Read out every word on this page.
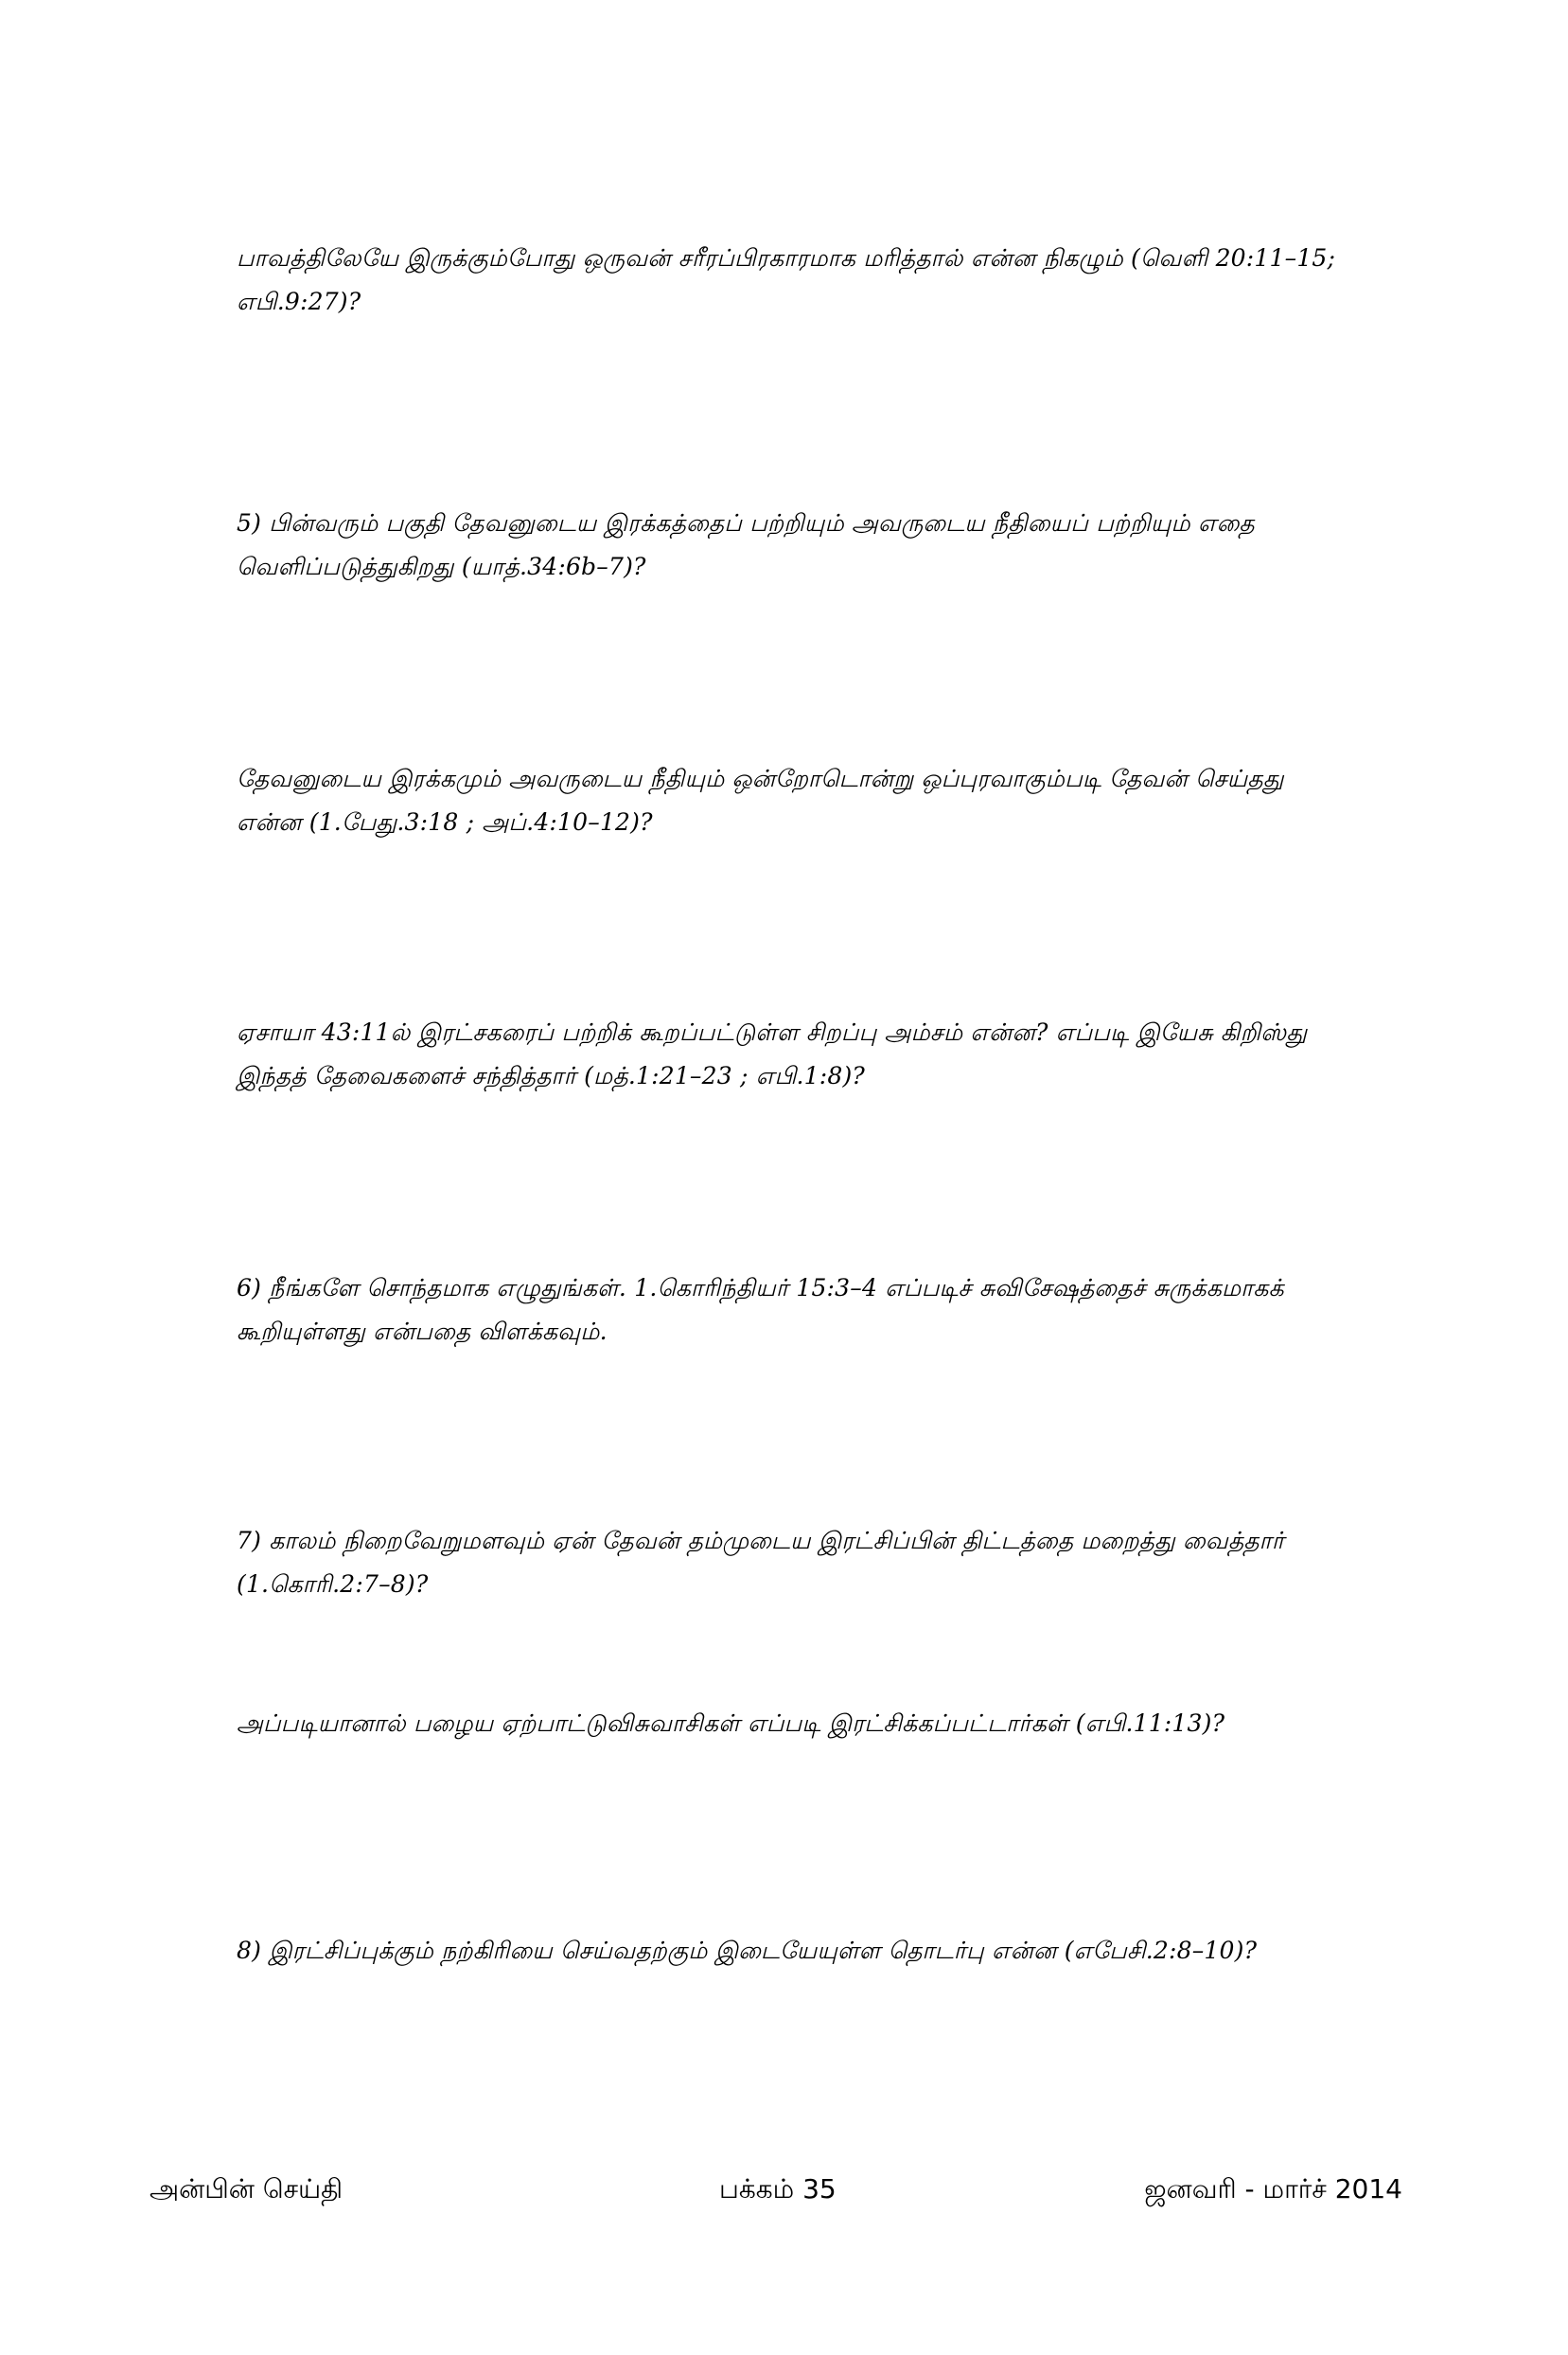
பாவத்திலேயே இருக்கும்போது ஒருவன் சரீரப்பிரகாரமாக மரித்தால் என்ன நிகழும் (வெளி 20:11–15;
எபி.9:27)?
5) பின்வரும் பகுதி தேவனுடைய இரக்கத்தைப் பற்றியும் அவருடைய நீதியைப் பற்றியும் எதை
வெளிப்படுத்துகிறது (யாத்.34:6b–7)?
தேவனுடைய இரக்கமும் அவருடைய நீதியும் ஒன்றோடொன்று ஒப்புரவாகும்படி தேவன் செய்தது
என்ன (1.பேது.3:18 ; அப்.4:10–12)?
ஏசாயா 43:11ல் இரட்சகரைப் பற்றிக் கூறப்பட்டுள்ள சிறப்பு அம்சம் என்ன? எப்படி இயேசு கிறிஸ்து
இந்தத் தேவைகளைச் சந்தித்தார் (மத்.1:21–23 ; எபி.1:8)?
6) நீங்களே சொந்தமாக எழுதுங்கள். 1.கொரிந்தியர் 15:3–4 எப்படிச் சுவிசேஷத்தைச் சுருக்கமாகக்
கூறியுள்ளது என்பதை விளக்கவும்.
7) காலம் நிறைவேறுமளவும் ஏன் தேவன் தம்முடைய இரட்சிப்பின் திட்டத்தை மறைத்து வைத்தார்
(1.கொரி.2:7–8)?
அப்படியானால் பழைய ஏற்பாட்டுவிசுவாசிகள் எப்படி இரட்சிக்கப்பட்டார்கள் (எபி.11:13)?
8) இரட்சிப்புக்கும் நற்கிரியை செய்வதற்கும் இடையேயுள்ள தொடர்பு என்ன (எபேசி.2:8–10)?
அன்பின் செய்தி	பக்கம் 35	ஜனவரி - மார்ச் 2014
